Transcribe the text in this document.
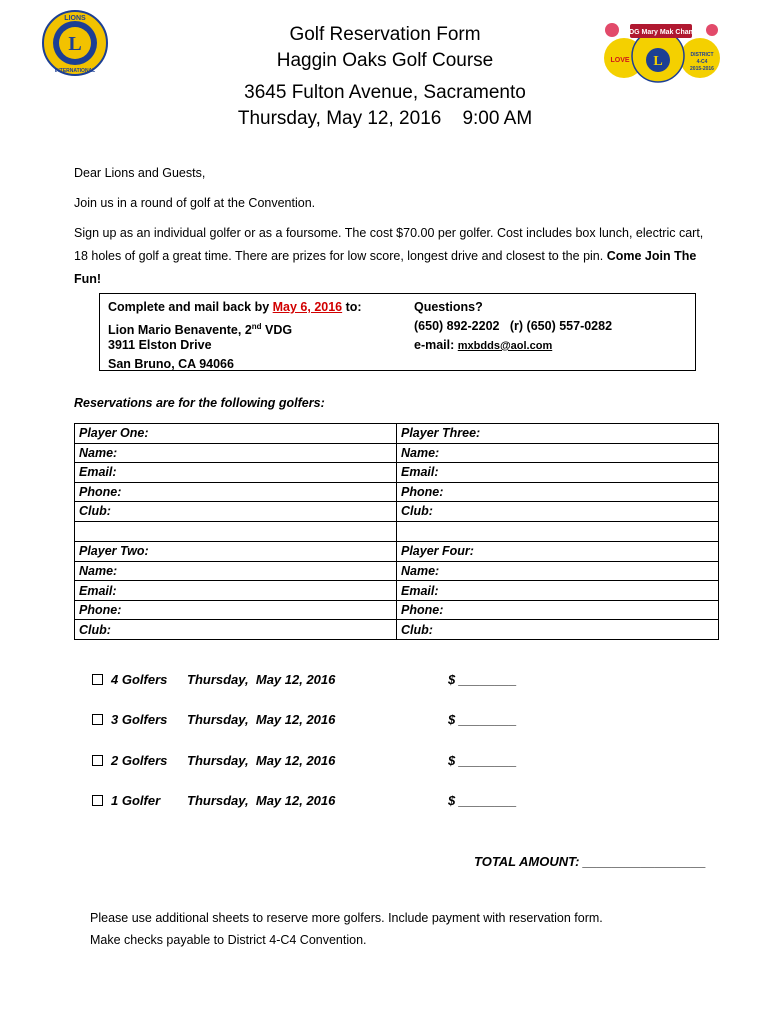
L
LIONS
INTERNATIONAL
DG Mary Mak Chan
L
LOVE
DISTRICT
4-C4
2015-2016
Golf Reservation Form
Haggin Oaks Golf Course
3645 Fulton Avenue, Sacramento
Thursday, May 12, 2016    9:00 AM
Dear Lions and Guests,
Join us in a round of golf at the Convention.
Sign up as an individual golfer or as a foursome. The cost $70.00 per golfer. Cost includes box lunch, electric cart, 18 holes of golf a great time. There are prizes for low score, longest drive and closest to the pin. Come Join The Fun!
Complete and mail back by May 6, 2016 to:
Lion Mario Benavente, 2nd VDG
3911 Elston Drive
San Bruno, CA 94066
Questions?
(650) 892-2202   (r) (650) 557-0282
e-mail: mxbdds@aol.com
Reservations are for the following golfers:
Player One:	Player Three:
Name:	Name:
Email:	Email:
Phone:	Phone:
Club:	Club:

Player Two:	Player Four:
Name:	Name:
Email:	Email:
Phone:	Phone:
Club:	Club:
4 Golfers Thursday,  May 12, 2016	$ ________
3 Golfers Thursday,  May 12, 2016	$ ________
2 Golfers Thursday,  May 12, 2016	$ ________
1 Golfer Thursday,  May 12, 2016	$ ________
TOTAL AMOUNT: _________________
Please use additional sheets to reserve more golfers. Include payment with reservation form.
Make checks payable to District 4-C4 Convention.
